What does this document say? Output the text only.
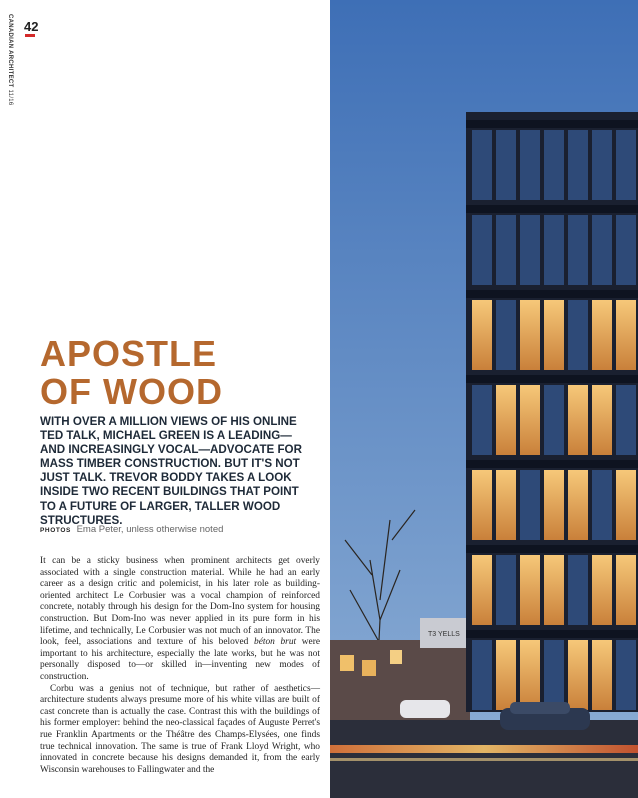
CANADIAN ARCHITECT 11/16
42
APOSTLE
OF WOOD

WITH OVER A MILLION VIEWS OF HIS ONLINE TED TALK, MICHAEL GREEN IS A LEADING—AND INCREASINGLY VOCAL—ADVOCATE FOR MASS TIMBER CONSTRUCTION. BUT IT'S NOT JUST TALK. TREVOR BODDY TAKES A LOOK INSIDE TWO RECENT BUILDINGS THAT POINT TO A FUTURE OF LARGER, TALLER WOOD STRUCTURES.

PHOTOS Ema Peter, unless otherwise noted

It can be a sticky business when prominent architects get overly associated with a single construction material. While he had an early career as a design critic and polemicist, in his later role as building-oriented architect Le Corbusier was a vocal champion of reinforced concrete, notably through his design for the Dom-Ino system for housing construction. But Dom-Ino was never applied in its pure form in his lifetime, and technically, Le Corbusier was not much of an innovator. The look, feel, associations and texture of his beloved béton brut were important to his architecture, especially the late works, but he was not personally disposed to—or skilled in—inventing new modes of construction.

Corbu was a genius not of technique, but rather of aesthetics—architecture students always presume more of his white villas are built of cast concrete than is actually the case. Contrast this with the buildings of his former employer: behind the neo-classical façades of Auguste Perret's rue Franklin Apartments or the Théâtre des Champs-Elysées, one finds true technical innovation. The same is true of Frank Lloyd Wright, who innovated in concrete because his designs demanded it, from the early Wisconsin warehouses to Fallingwater and the

T3 YELLS
